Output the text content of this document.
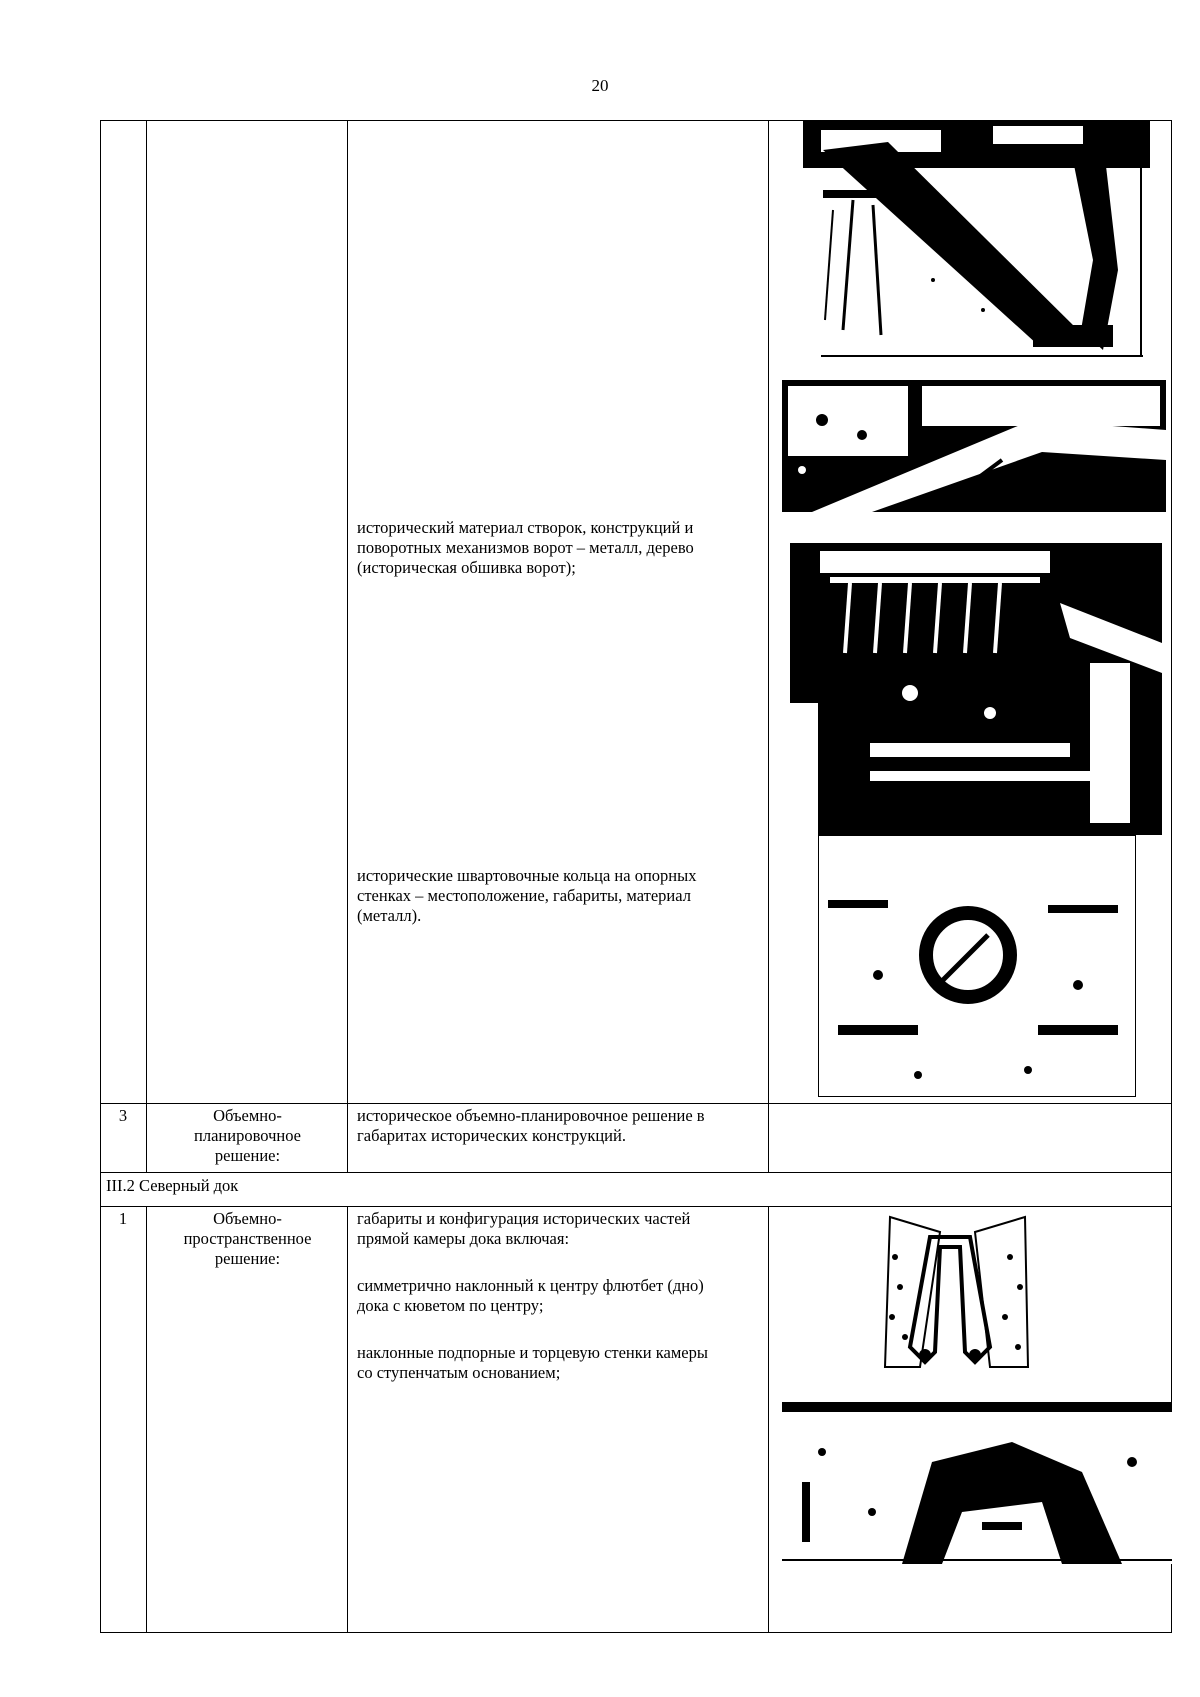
20
исторический материал створок, конструкций и поворотных механизмов ворот – металл, дерево (историческая обшивка ворот);
исторические швартовочные кольца на опорных стенках – местоположение, габариты, материал (металл).
3	Объемно-планировочное решение:
историческое объемно-планировочное решение в габаритах исторических конструкций.
III.2 Северный док
1	Объемно-пространственное решение:
габариты и конфигурация исторических частей прямой камеры дока включая:
симметрично наклонный к центру флютбет (дно) дока с кюветом по центру;
наклонные подпорные и торцевую стенки камеры со ступенчатым основанием;
